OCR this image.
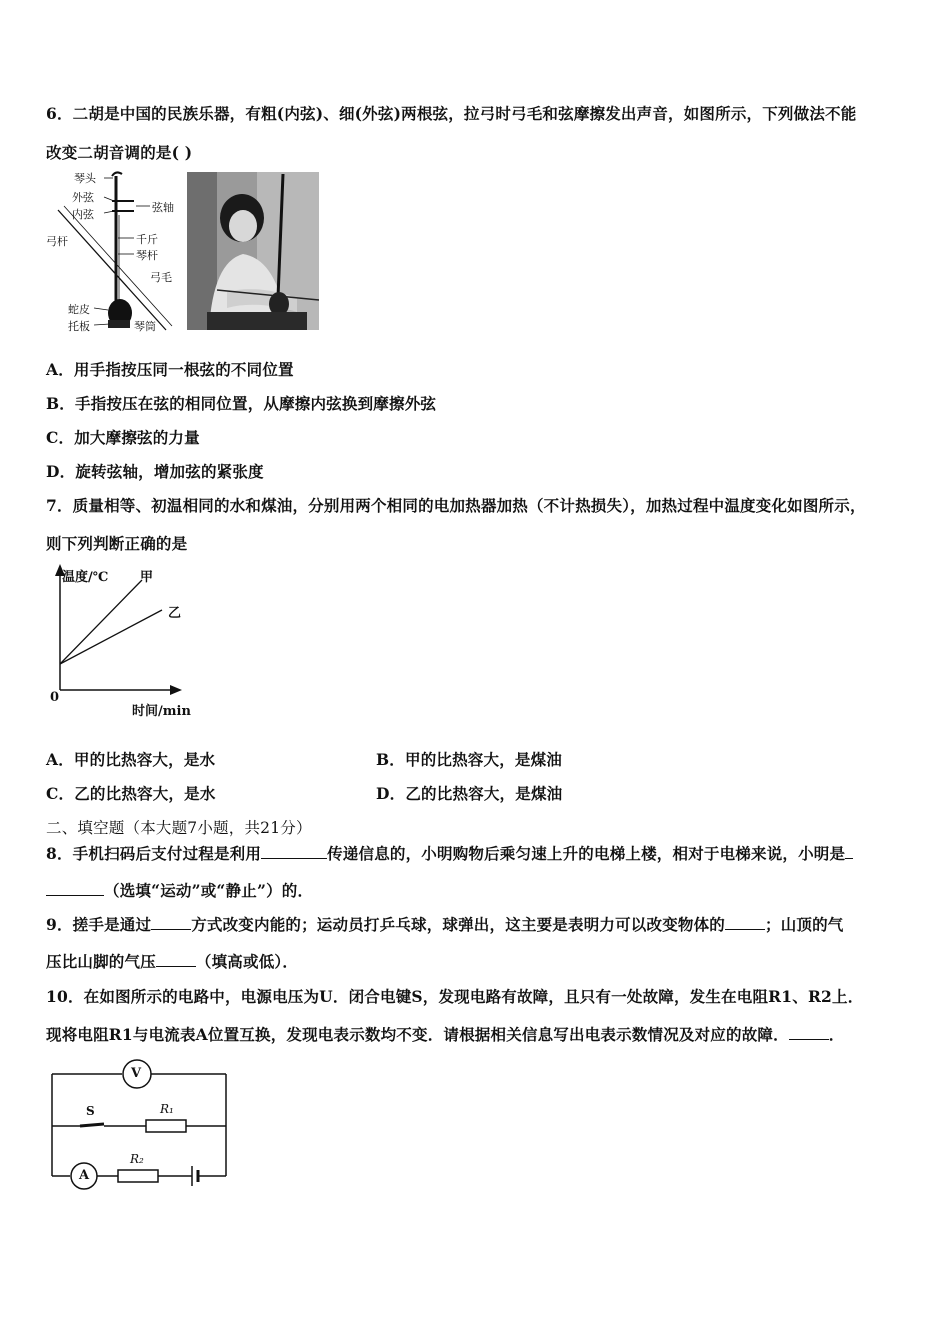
6．二胡是中国的民族乐器，有粗(内弦)、细(外弦)两根弦，拉弓时弓毛和弦摩擦发出声音，如图所示，下列做法不能
改变二胡音调的是( )
琴头
外弦
内弦
弦轴
弓杆	千斤
琴杆
弓毛
蛇皮
托板	琴筒
A．用手指按压同一根弦的不同位置
B．手指按压在弦的相同位置，从摩擦内弦换到摩擦外弦
C．加大摩擦弦的力量
D．旋转弦轴，增加弦的紧张度
7．质量相等、初温相同的水和煤油，分别用两个相同的电加热器加热（不计热损失），加热过程中温度变化如图所示，
则下列判断正确的是
温度/℃ 甲
乙
0
时间/min
A．甲的比热容大，是水	B．甲的比热容大，是煤油
C．乙的比热容大，是水	D．乙的比热容大，是煤油
二、填空题（本大题7小题，共21分）
8．手机扫码后支付过程是利用	传递信息的，小明购物后乘匀速上升的电梯上楼，相对于电梯来说，小明是
（选填“运动”或“静止”）的．
9．搓手是通过	方式改变内能的；运动员打乒乓球，球弹出，这主要是表明力可以改变物体的	；山顶的气
压比山脚的气压	（填高或低）．
10．在如图所示的电路中，电源电压为U．闭合电键S，发现电路有故障，且只有一处故障，发生在电阻R1、R2上．
现将电阻R1与电流表A位置互换，发现电表示数均不变．请根据相关信息写出电表示数情况及对应的故障．	．
V
A
S	R₁
R₂
